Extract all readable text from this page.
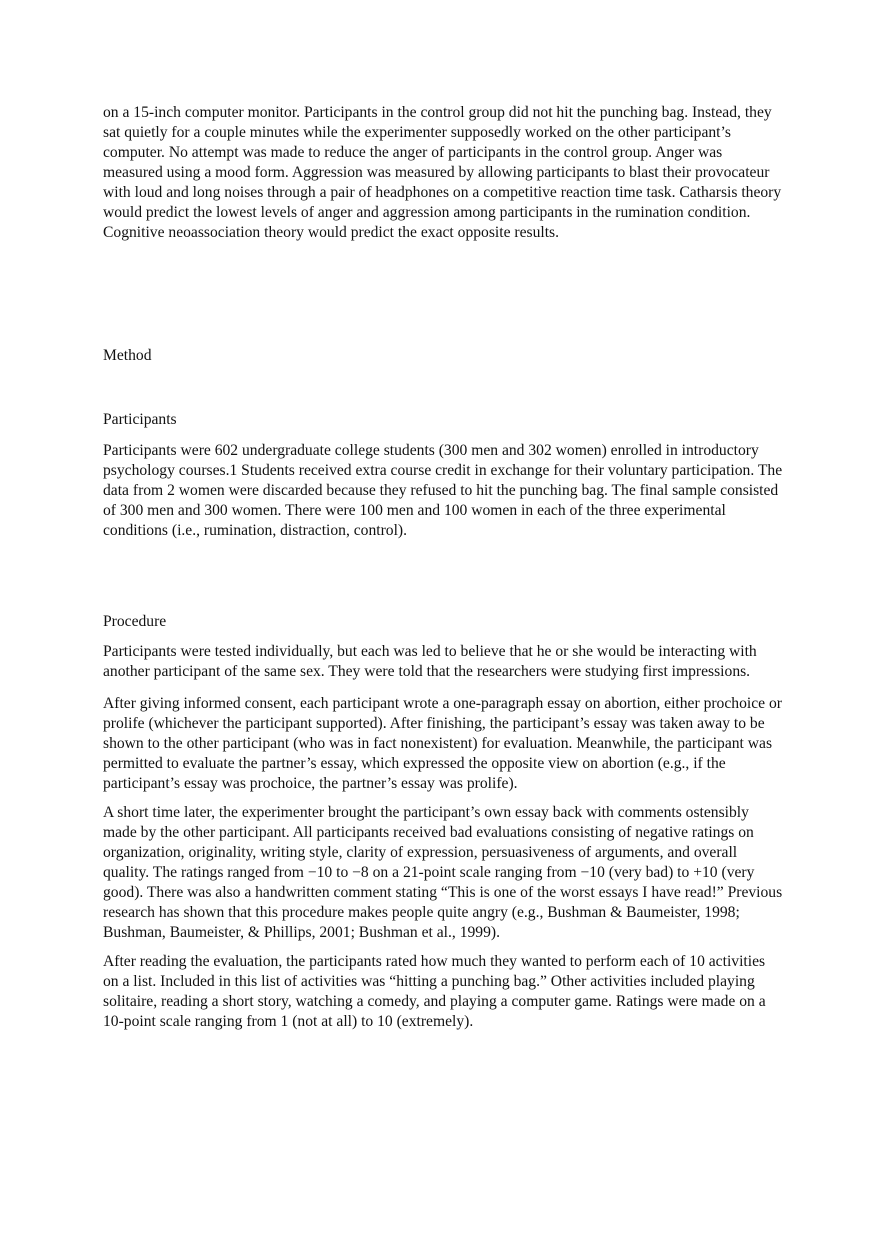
on a 15-inch computer monitor. Participants in the control group did not hit the punching bag. Instead, they sat quietly for a couple minutes while the experimenter supposedly worked on the other participant’s computer. No attempt was made to reduce the anger of participants in the control group. Anger was measured using a mood form. Aggression was measured by allowing participants to blast their provocateur with loud and long noises through a pair of headphones on a competitive reaction time task. Catharsis theory would predict the lowest levels of anger and aggression among participants in the rumination condition. Cognitive neoassociation theory would predict the exact opposite results.

Method
Participants

Participants were 602 undergraduate college students (300 men and 302 women) enrolled in introductory psychology courses.1 Students received extra course credit in exchange for their voluntary participation. The data from 2 women were discarded because they refused to hit the punching bag. The final sample consisted of 300 men and 300 women. There were 100 men and 100 women in each of the three experimental conditions (i.e., rumination, distraction, control).

Procedure

Participants were tested individually, but each was led to believe that he or she would be interacting with another participant of the same sex. They were told that the researchers were studying first impressions.

After giving informed consent, each participant wrote a one-paragraph essay on abortion, either prochoice or prolife (whichever the participant supported). After finishing, the participant’s essay was taken away to be shown to the other participant (who was in fact nonexistent) for evaluation. Meanwhile, the participant was permitted to evaluate the partner’s essay, which expressed the opposite view on abortion (e.g., if the participant’s essay was prochoice, the partner’s essay was prolife).

A short time later, the experimenter brought the participant’s own essay back with comments ostensibly made by the other participant. All participants received bad evaluations consisting of negative ratings on organization, originality, writing style, clarity of expression, persuasiveness of arguments, and overall quality. The ratings ranged from −10 to −8 on a 21-point scale ranging from −10 (very bad) to +10 (very good). There was also a handwritten comment stating “This is one of the worst essays I have read!” Previous research has shown that this procedure makes people quite angry (e.g., Bushman & Baumeister, 1998; Bushman, Baumeister, & Phillips, 2001; Bushman et al., 1999).

After reading the evaluation, the participants rated how much they wanted to perform each of 10 activities on a list. Included in this list of activities was “hitting a punching bag.” Other activities included playing solitaire, reading a short story, watching a comedy, and playing a computer game. Ratings were made on a 10-point scale ranging from 1 (not at all) to 10 (extremely).
